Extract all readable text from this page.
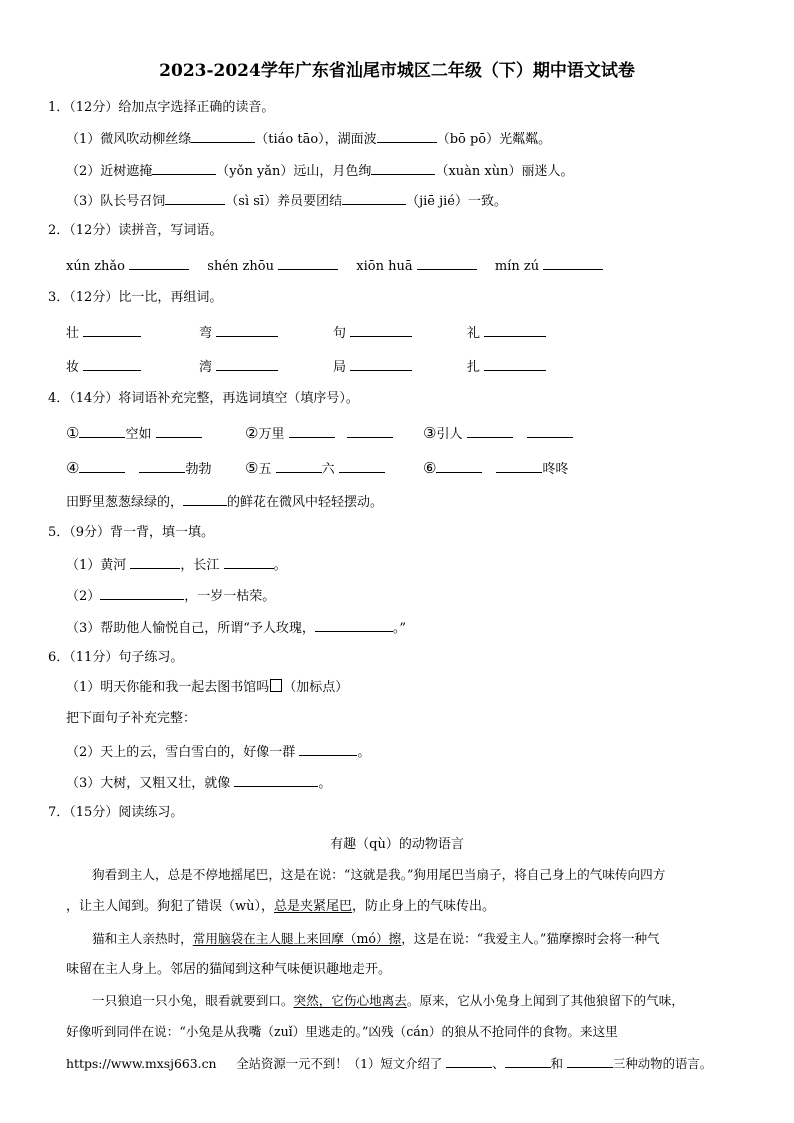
2023-2024学年广东省汕尾市城区二年级（下）期中语文试卷
1．（12分）给加点字选择正确的读音。
（1）微风吹动柳丝绦	（tiáo tāo），湖面波	（bō pō）光粼粼。
（2）近树遮掩	（yǒn yǎn）远山，月色绚	（xuàn xùn）丽迷人。
（3）队长号召饲	（sì sī）养员要团结	（jiē jié）一致。
2．（12分）读拼音，写词语。
xún zhǎo	shén zhōu	xiōn huā	mín zú
3．（12分）比一比，再组词。
壮	弯	句	礼
妆	湾	局	扎
4．（14分）将词语补充完整，再选词填空（填序号）。
①	空如	②万里	③引人
④	勃勃 ⑤五	六	⑥	咚咚
田野里葱葱绿绿的，	的鲜花在微风中轻轻摆动。
5．（9分）背一背，填一填。
（1）黄河	，长江	。
（2）	，一岁一枯荣。
（3）帮助他人愉悦自己，所谓“予人玫瑰，	。”
6．（11分）句子练习。
（1）明天你能和我一起去图书馆吗 （加标点）
把下面句子补充完整：
（2）天上的云，雪白雪白的，好像一群	。
（3）大树，又粗又壮，就像	。
7．（15分）阅读练习。
有趣（qù）的动物语言
狗看到主人，总是不停地摇尾巴，这是在说：“这就是我。”狗用尾巴当扇子，将自己身上的气味传向四方
，让主人闻到。狗犯了错误（wù），总是夹紧尾巴，防止身上的气味传出。
猫和主人亲热时，常用脑袋在主人腿上来回摩（mó）擦，这是在说：“我爱主人。”猫摩擦时会将一种气
味留在主人身上。邻居的猫闻到这种气味便识趣地走开。
一只狼追一只小兔，眼看就要到口。突然，它伤心地离去。原来，它从小兔身上闻到了其他狼留下的气味，
好像听到同伴在说：“小兔是从我嘴（zuǐ）里逃走的。”凶残（cán）的狼从不抢同伴的食物。来这里
https://www.mxsj663.cn 全站资源一元不到！（1）短文介绍了	、	和	三种动物的语言。
